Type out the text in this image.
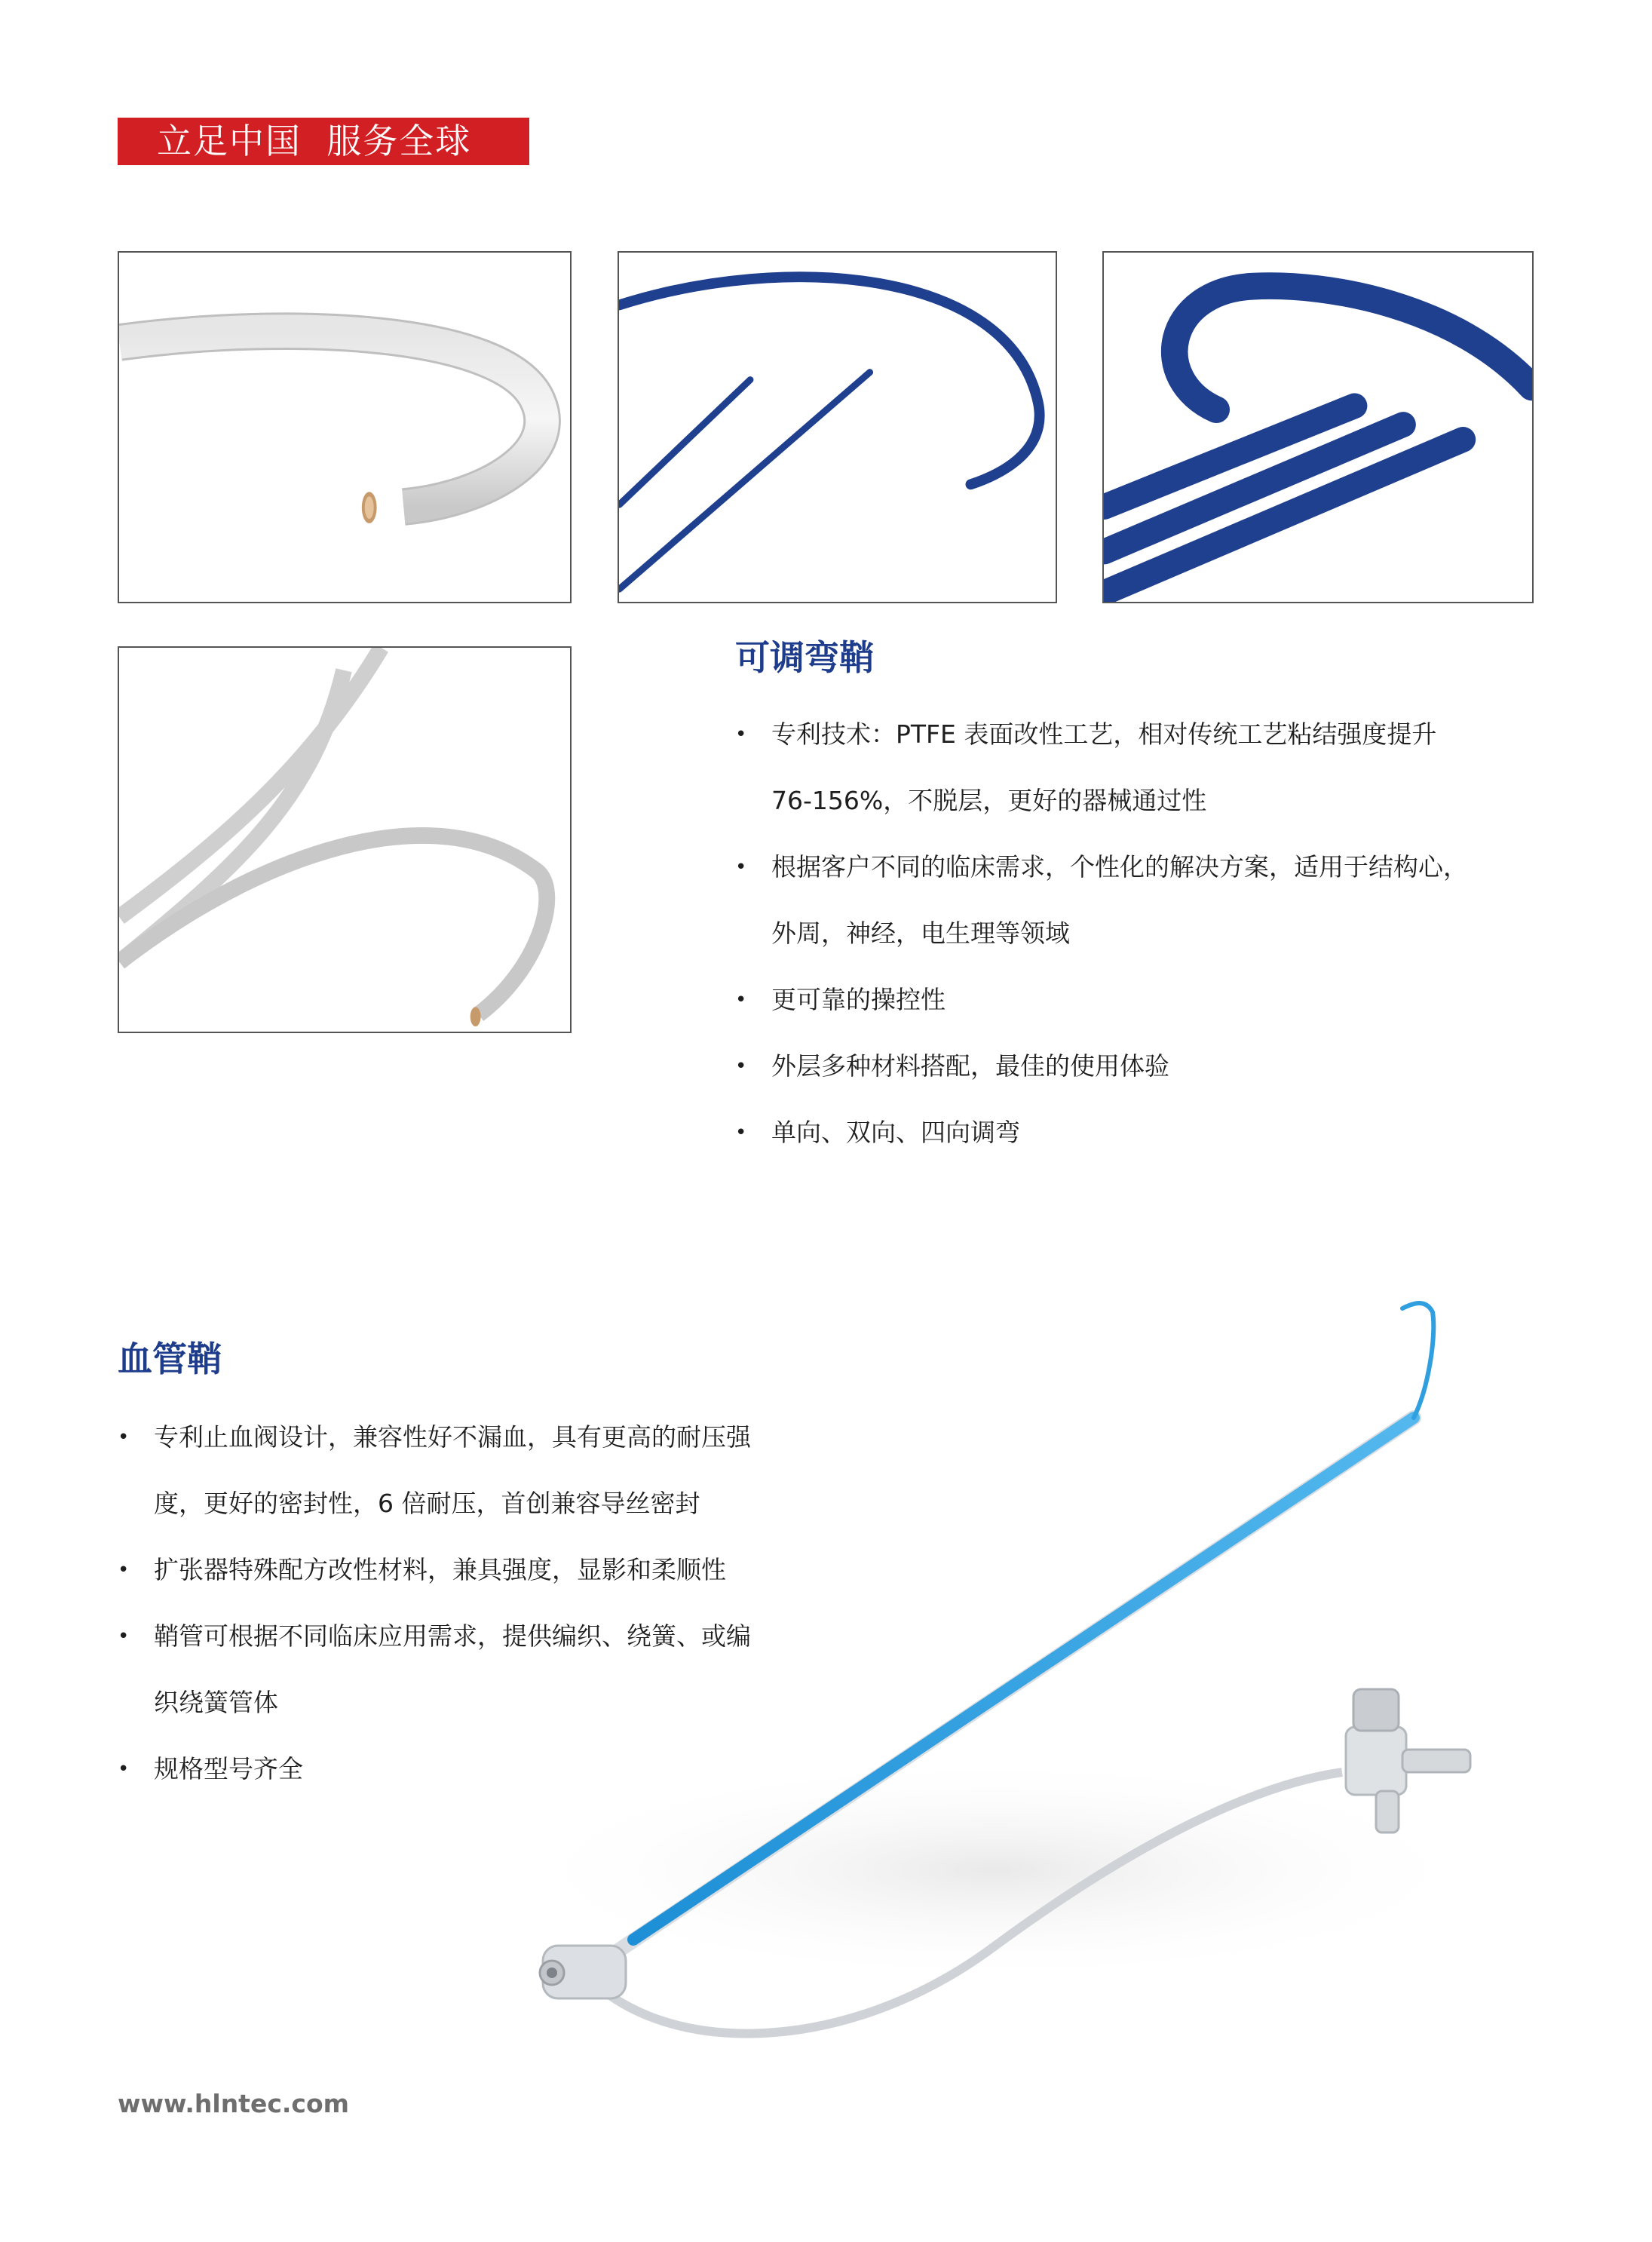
立足中国  服务全球
可调弯鞘
• 专利技术：PTFE 表面改性工艺，相对传统工艺粘结强度提升
76-156%，不脱层，更好的器械通过性
• 根据客户不同的临床需求，个性化的解决方案，适用于结构心，
外周，神经，电生理等领域
• 更可靠的操控性
• 外层多种材料搭配，最佳的使用体验
• 单向、双向、四向调弯
血管鞘
• 专利止血阀设计，兼容性好不漏血，具有更高的耐压强
度，更好的密封性，6 倍耐压，首创兼容导丝密封
• 扩张器特殊配方改性材料，兼具强度，显影和柔顺性
• 鞘管可根据不同临床应用需求，提供编织、绕簧、或编
织绕簧管体
• 规格型号齐全
www.hlntec.com
